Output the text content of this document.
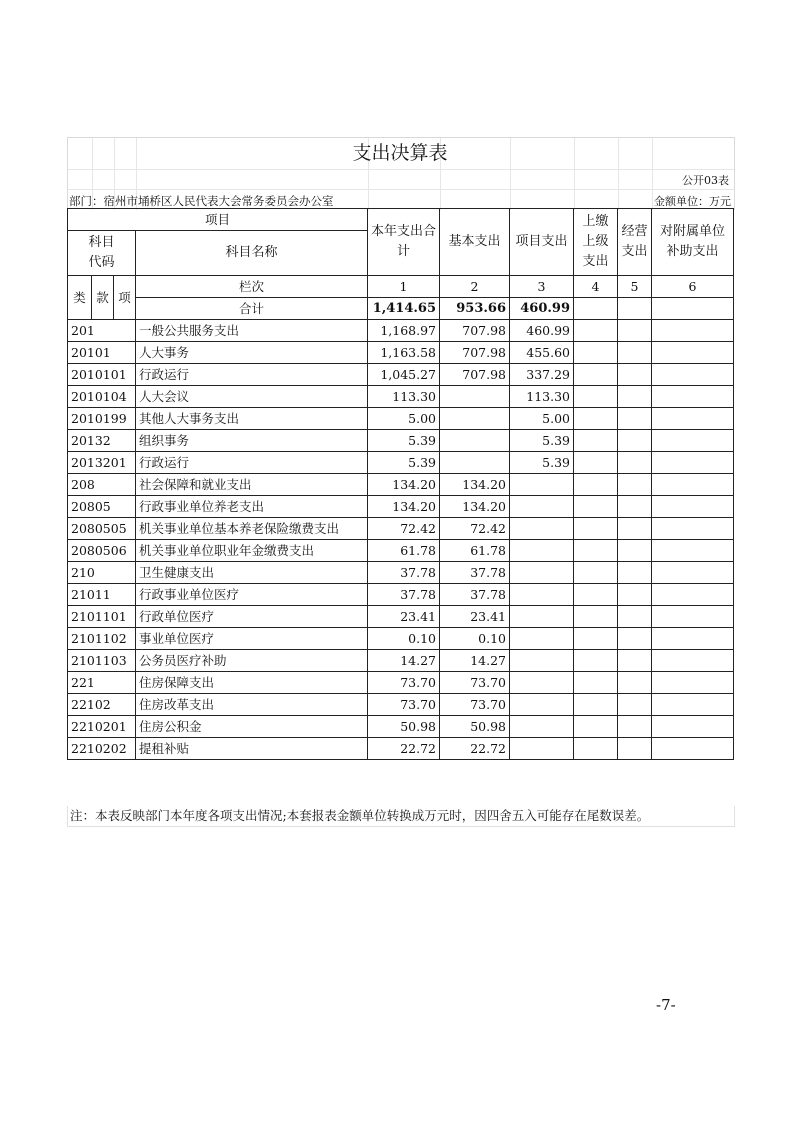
支出决算表
公开03表
部门：宿州市埇桥区人民代表大会常务委员会办公室	金额单位：万元
项目				本年支出合计	基本支出	项目支出	上缴上级支出	经营支出	对附属单位补助支出
科目
代码			科目名称						

类	款	项	栏次	1	2	3	4	5	6
			合计	1,414.65	953.66	460.99			
201			一般公共服务支出	1,168.97	707.98	460.99			
20101			人大事务	1,163.58	707.98	455.60			
2010101			行政运行	1,045.27	707.98	337.29			
2010104			人大会议	113.30		113.30			
2010199			其他人大事务支出	5.00		5.00			
20132			组织事务	5.39		5.39			
2013201			行政运行	5.39		5.39			
208			社会保障和就业支出	134.20	134.20				
20805			行政事业单位养老支出	134.20	134.20				
2080505			机关事业单位基本养老保险缴费支出	72.42	72.42				
2080506			机关事业单位职业年金缴费支出	61.78	61.78				
210			卫生健康支出	37.78	37.78				
21011			行政事业单位医疗	37.78	37.78				
2101101			行政单位医疗	23.41	23.41				
2101102			事业单位医疗	0.10	0.10				
2101103			公务员医疗补助	14.27	14.27				
221			住房保障支出	73.70	73.70				
22102			住房改革支出	73.70	73.70				
2210201			住房公积金	50.98	50.98				
2210202			提租补贴	22.72	22.72				
注：本表反映部门本年度各项支出情况;本套报表金额单位转换成万元时，因四舍五入可能存在尾数误差。
-7-
